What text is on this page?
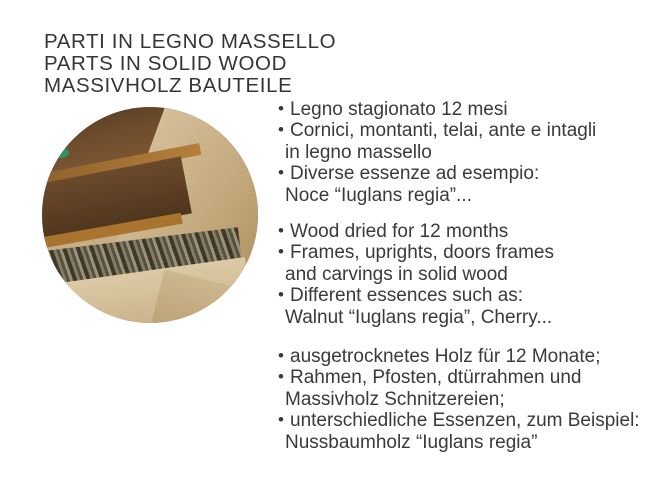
PARTI IN LEGNO MASSELLO
PARTS IN SOLID WOOD
MASSIVHOLZ BAUTEILE
• Legno stagionato 12 mesi
• Cornici, montanti, telai, ante e intagli
in legno massello
• Diverse essenze ad esempio:
Noce “Iuglans regia”...
• Wood dried for 12 months
• Frames, uprights, doors frames
and carvings in solid wood
• Different essences such as:
Walnut “Iuglans regia”, Cherry...
• ausgetrocknetes Holz für 12 Monate;
• Rahmen, Pfosten, dtürrahmen und
Massivholz Schnitzereien;
• unterschiedliche Essenzen, zum Beispiel:
Nussbaumholz “Iuglans regia”
